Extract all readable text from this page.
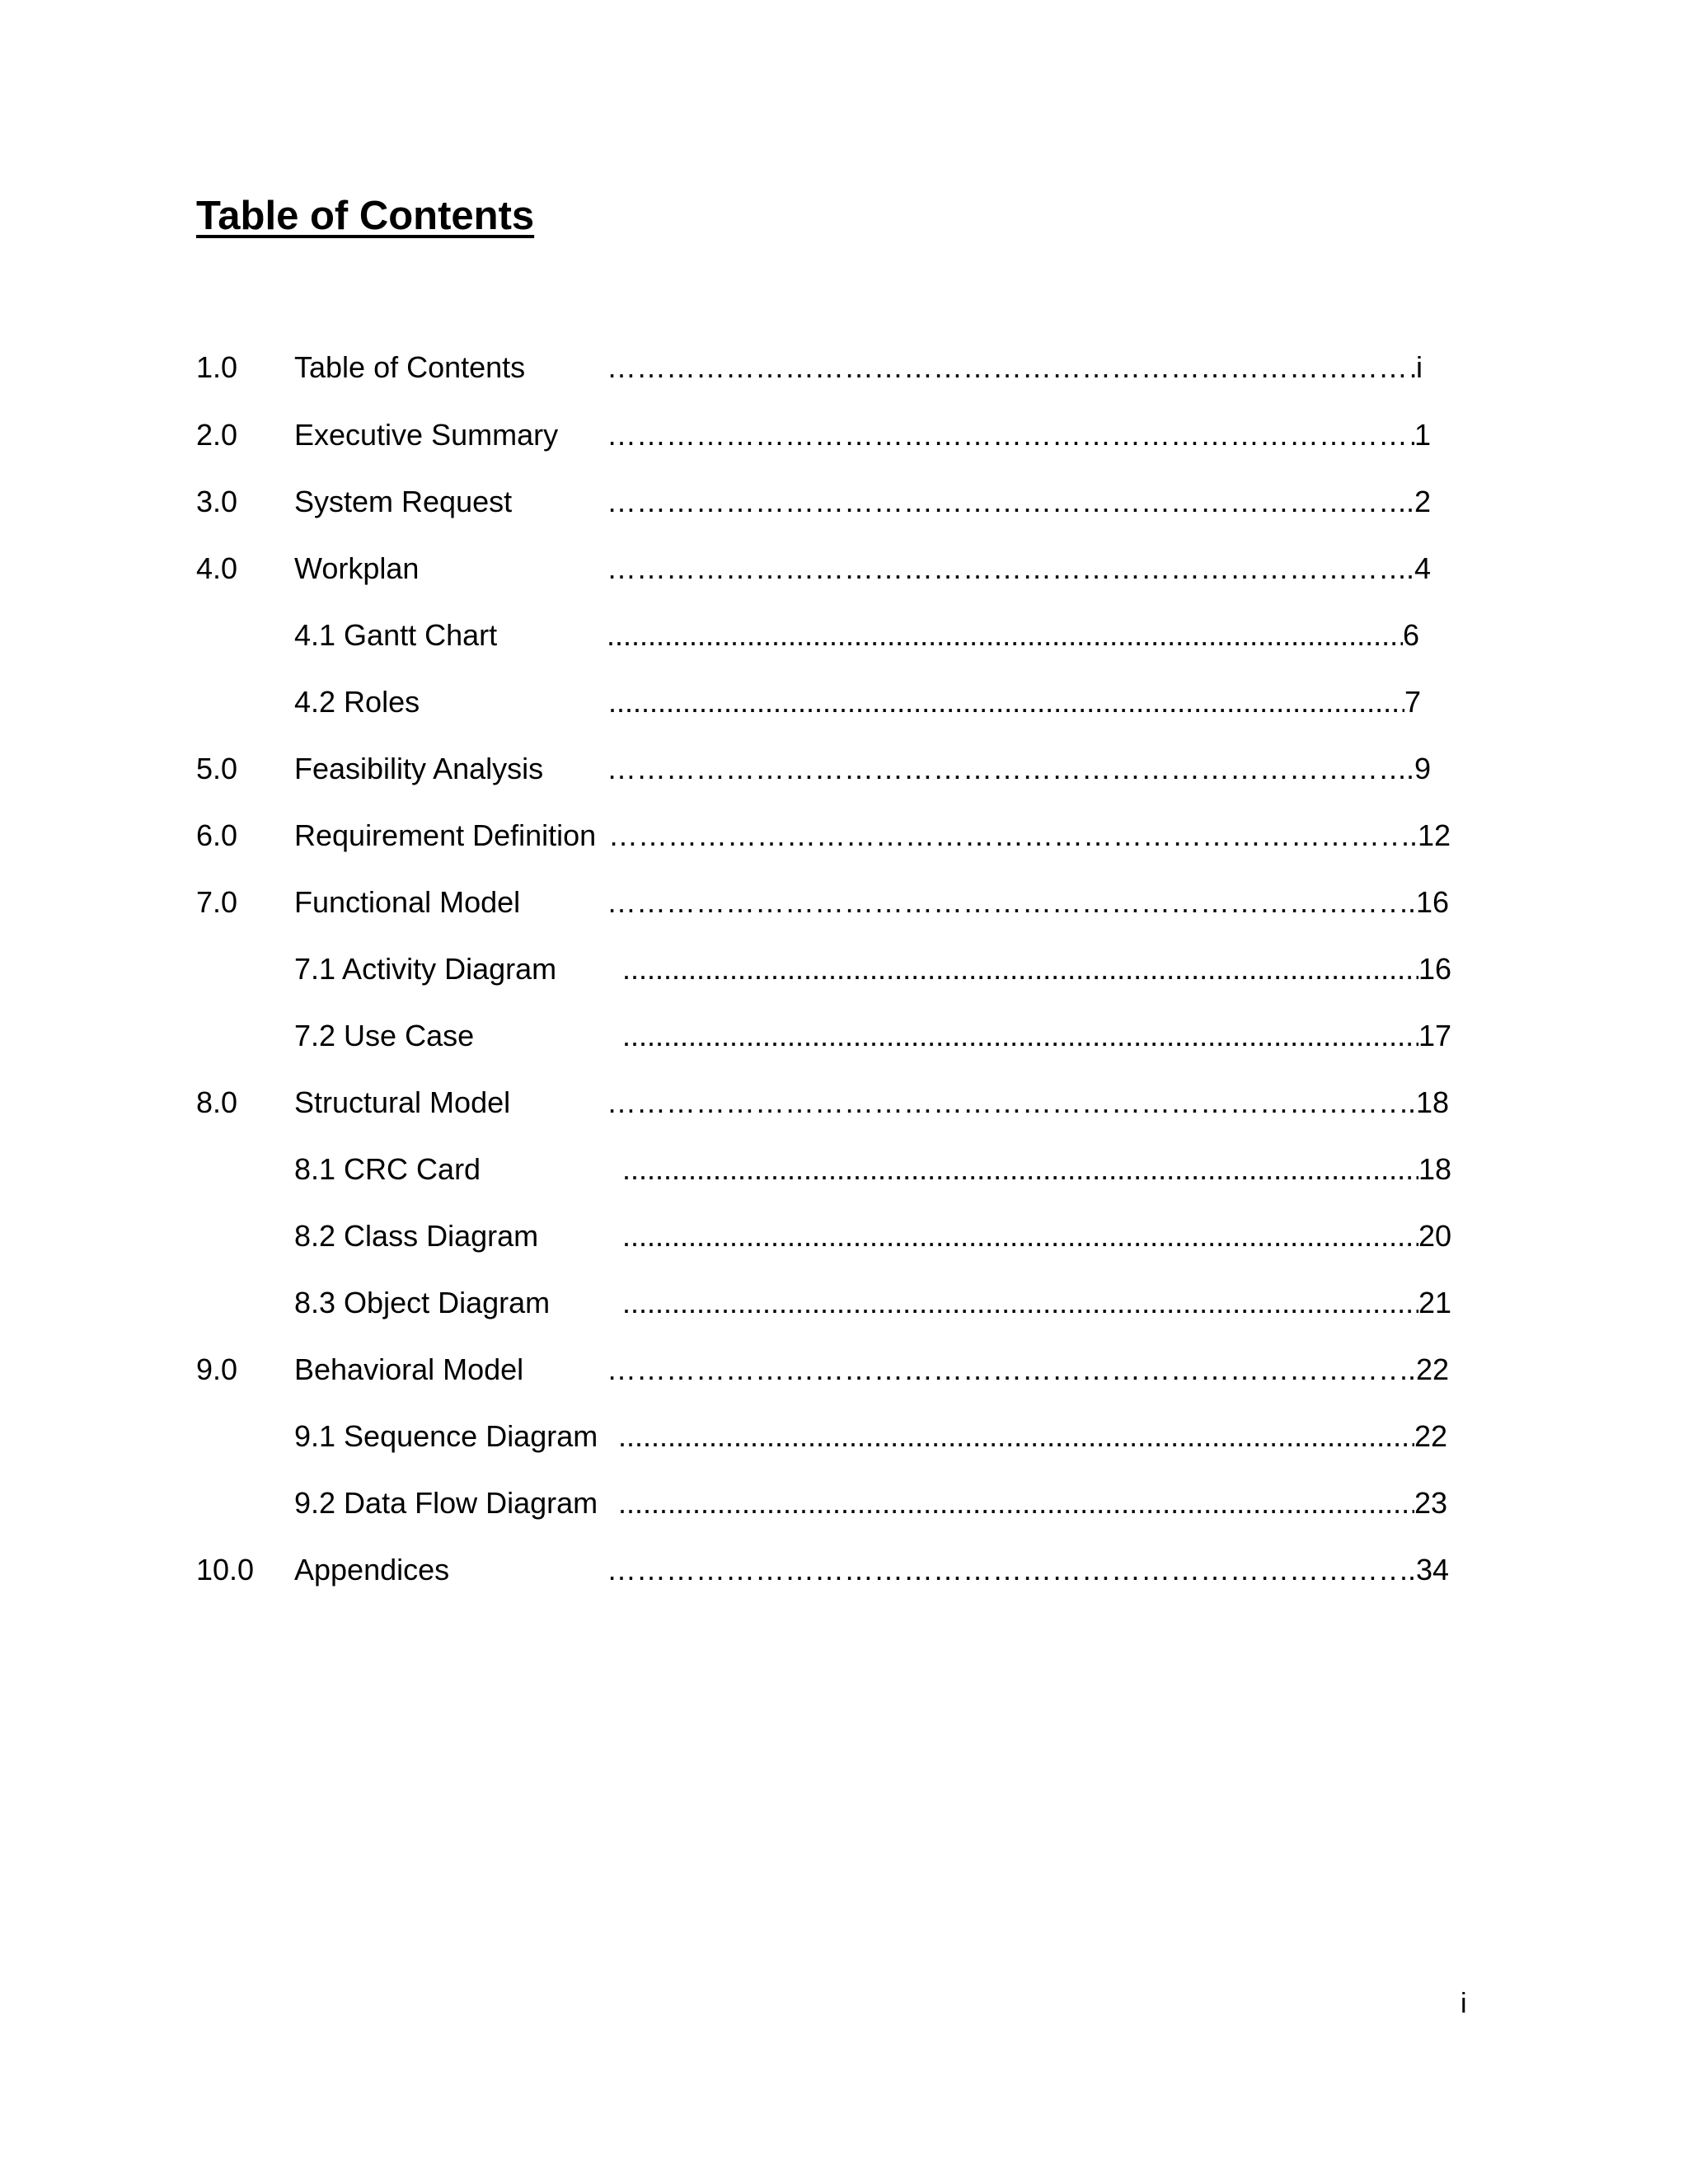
Table of Contents
1.0 Table of Contents …………………………………………………………………………………………………………………………………………	i
2.0 Executive Summary …………………………………………………………………………………………………………………………………………	1
3.0 System Request …………………………………………………………………………………………………………………………………………	..2
4.0 Workplan …………………………………………………………………………………………………………………………………………	..4
4.1 Gantt Chart .....	6
4.2 Roles .....	7
5.0 Feasibility Analysis …………………………………………………………………………………………………………………………………………	..9
6.0 Requirement Definition …………………………………………………………………………………………………………………………………………	..12
7.0 Functional Model …………………………………………………………………………………………………………………………………………	..16
7.1 Activity Diagram .....	16
7.2 Use Case .....	17
8.0 Structural Model …………………………………………………………………………………………………………………………………………	..18
8.1 CRC Card .....	18
8.2 Class Diagram .....	20
8.3 Object Diagram .....	21
9.0 Behavioral Model …………………………………………………………………………………………………………………………………………	..22
9.1 Sequence Diagram .....	22
9.2 Data Flow Diagram .....	23
10.0 Appendices …………………………………………………………………………………………………………………………………………	..34
i
